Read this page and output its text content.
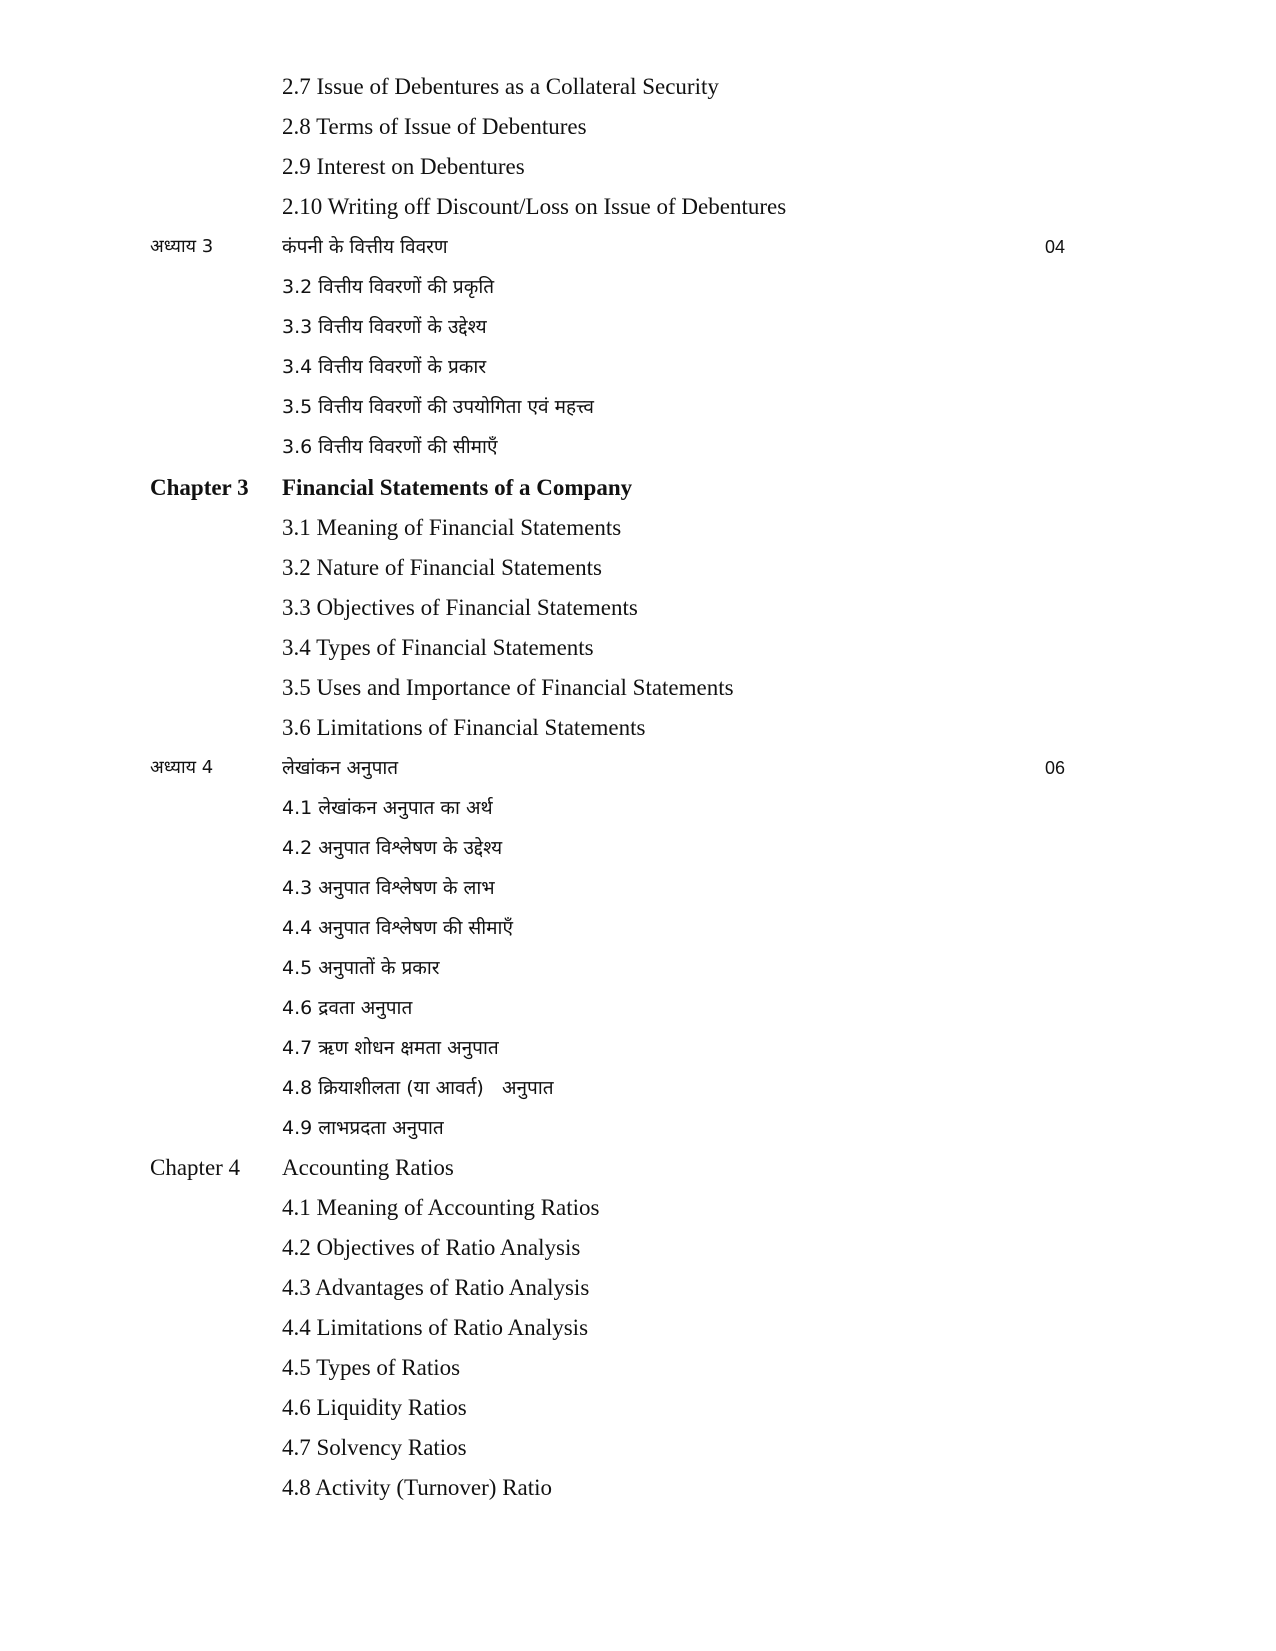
2.7 Issue of Debentures as a Collateral Security
2.8 Terms of Issue of Debentures
2.9 Interest on Debentures
2.10 Writing off Discount/Loss on Issue of Debentures
अध्याय 3	कंपनी के वित्तीय विवरण	04
3.2 वित्तीय विवरणों की प्रकृति
3.3 वित्तीय विवरणों के उद्देश्य
3.4 वित्तीय विवरणों के प्रकार
3.5 वित्तीय विवरणों की उपयोगिता एवं महत्त्व
3.6 वित्तीय विवरणों की सीमाएँ
Chapter 3 Financial Statements of a Company
3.1 Meaning of Financial Statements
3.2 Nature of Financial Statements
3.3 Objectives of Financial Statements
3.4 Types of Financial Statements
3.5 Uses and Importance of Financial Statements
3.6 Limitations of Financial Statements
अध्याय 4	लेखांकन अनुपात	06
4.1 लेखांकन अनुपात का अर्थ
4.2 अनुपात विश्लेषण के उद्देश्य
4.3 अनुपात विश्लेषण के लाभ
4.4 अनुपात विश्लेषण की सीमाएँ
4.5 अनुपातों के प्रकार
4.6 द्रवता अनुपात
4.7 ऋण शोधन क्षमता अनुपात
4.8 क्रियाशीलता (या आवर्त)   अनुपात
4.9 लाभप्रदता अनुपात
Chapter 4 Accounting Ratios
4.1 Meaning of Accounting Ratios
4.2 Objectives of Ratio Analysis
4.3 Advantages of Ratio Analysis
4.4 Limitations of Ratio Analysis
4.5 Types of Ratios
4.6 Liquidity Ratios
4.7 Solvency Ratios
4.8 Activity (Turnover) Ratio
